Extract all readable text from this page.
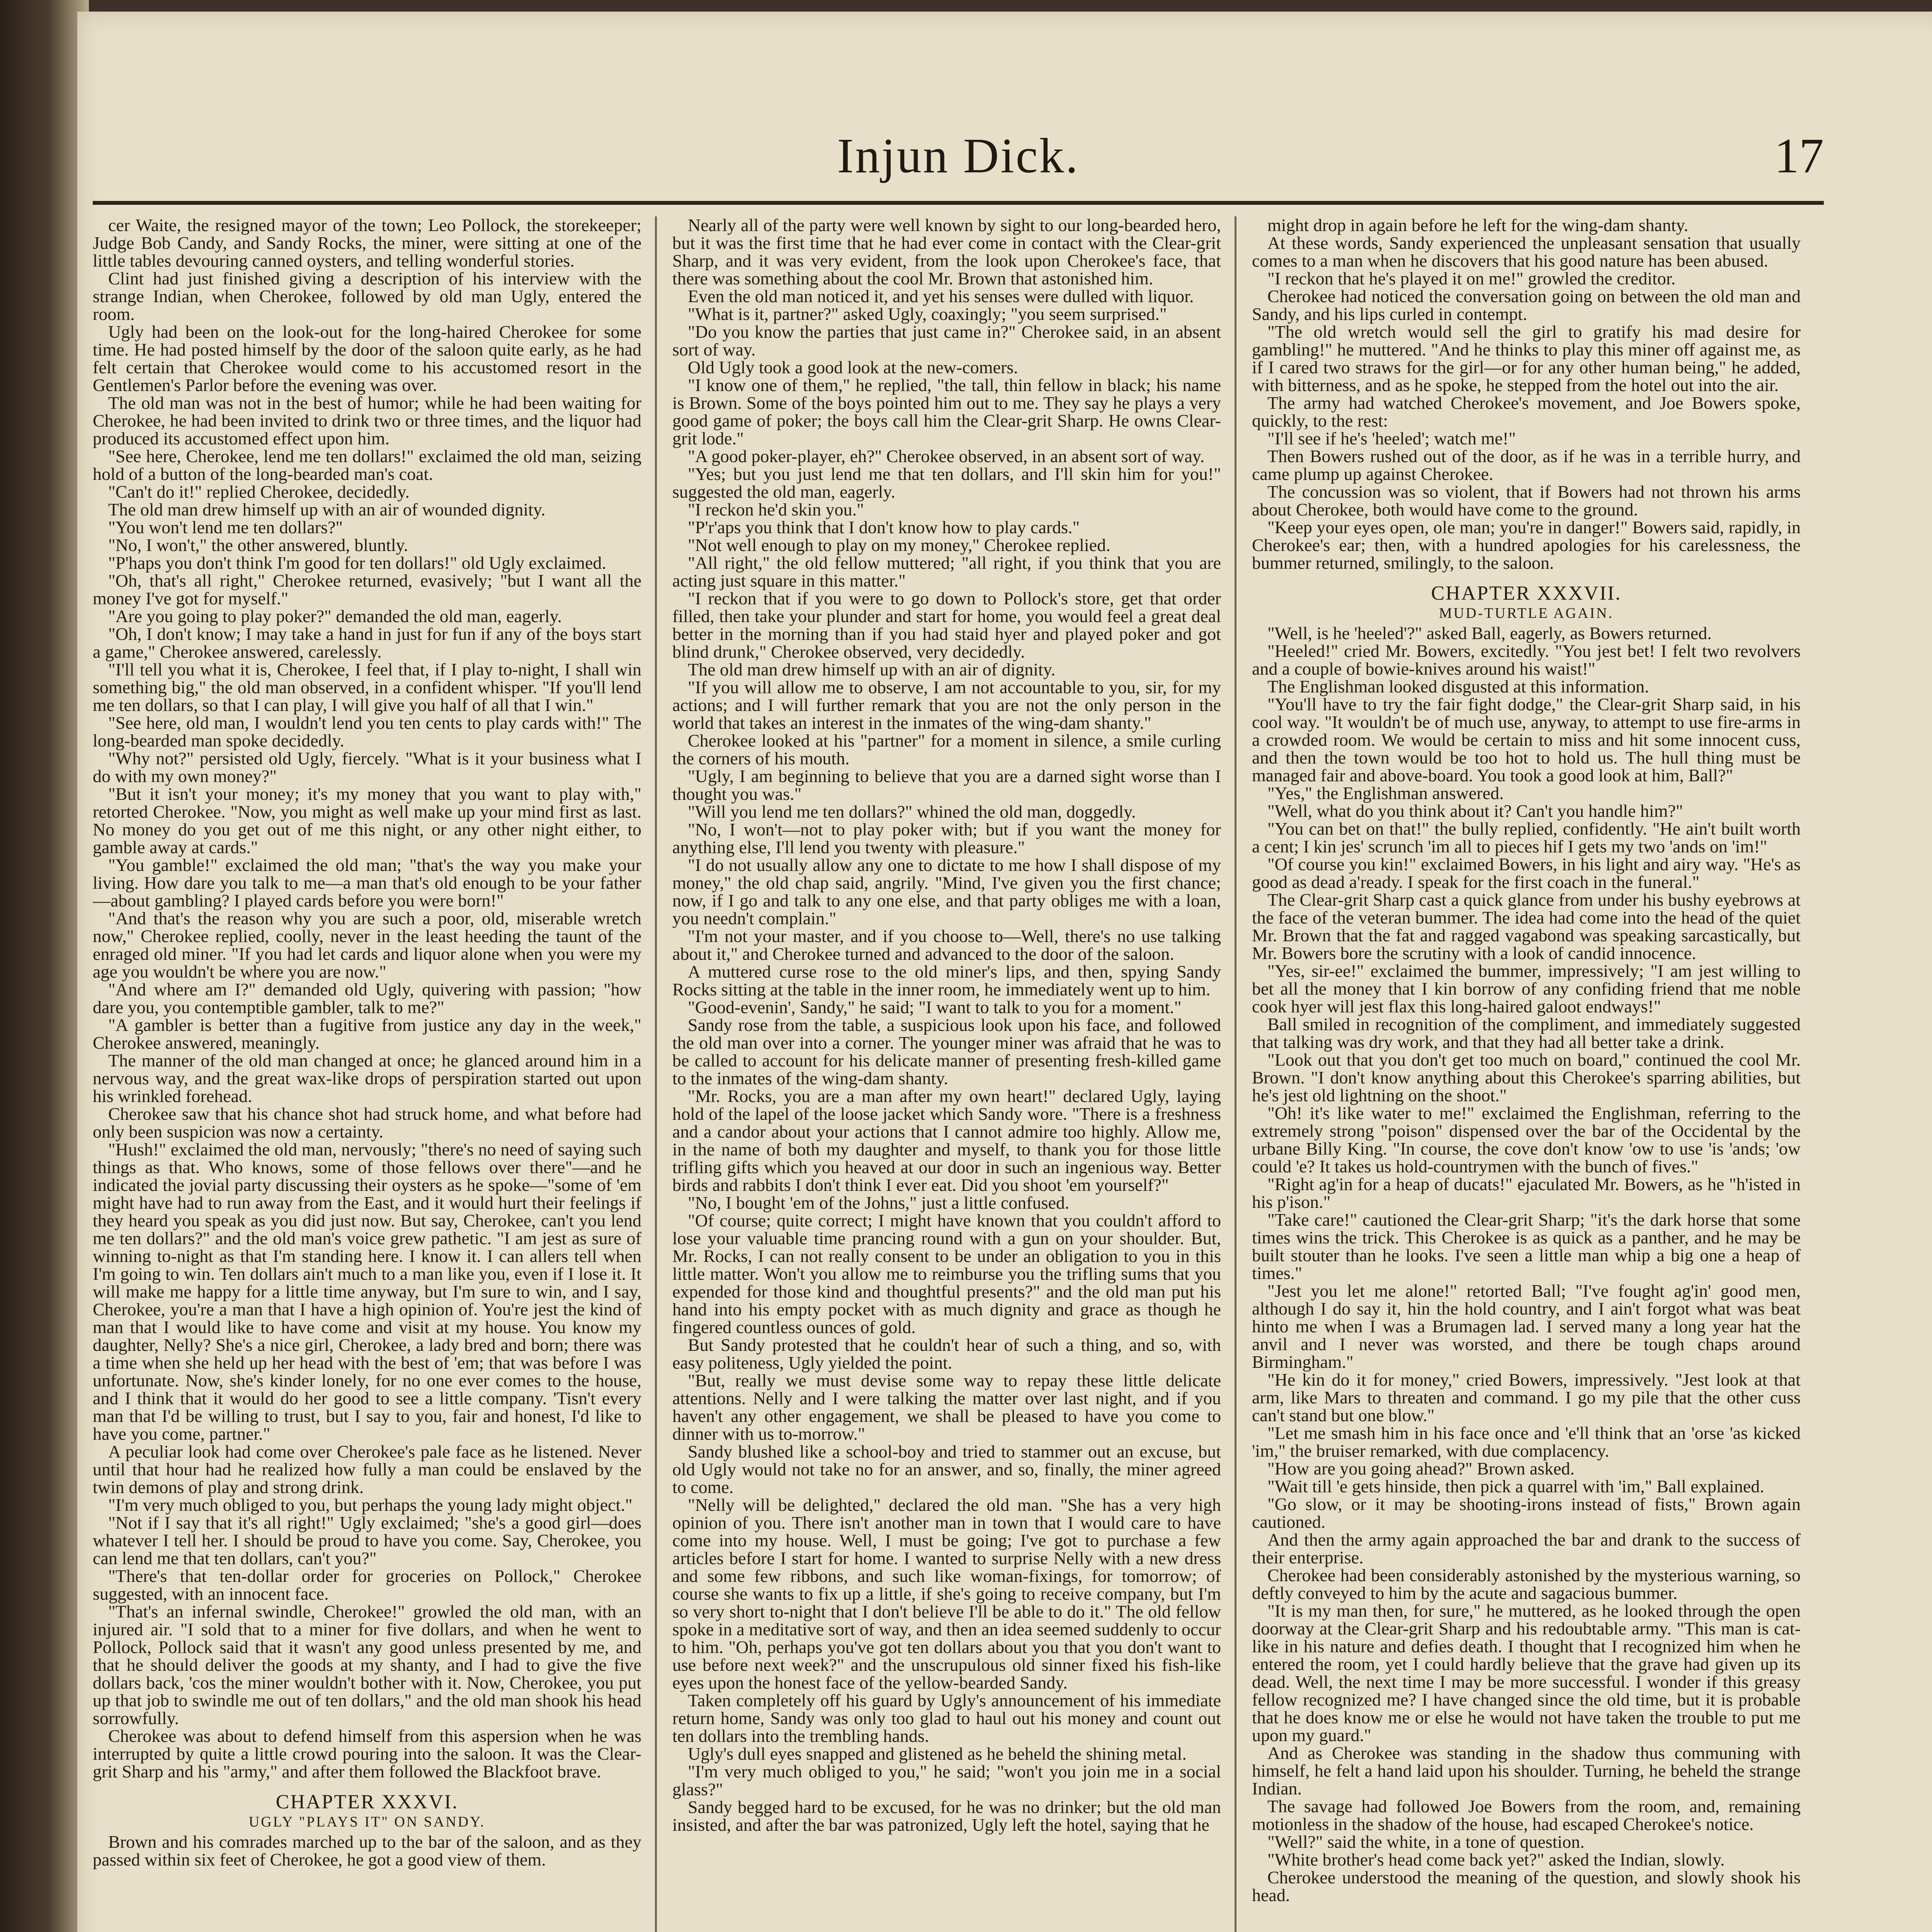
Injun Dick.	17

cer Waite, the resigned mayor of the town; Leo Pollock, the storekeeper; Judge Bob Candy, and Sandy Rocks, the miner, were sitting at one of the little tables devouring canned oysters, and telling wonderful stories.

Clint had just finished giving a description of his interview with the strange Indian, when Cherokee, followed by old man Ugly, entered the room.

Ugly had been on the look-out for the long-haired Cherokee for some time. He had posted himself by the door of the saloon quite early, as he had felt certain that Cherokee would come to his accustomed resort in the Gentlemen's Parlor before the evening was over.

The old man was not in the best of humor; while he had been waiting for Cherokee, he had been invited to drink two or three times, and the liquor had produced its accustomed effect upon him.

"See here, Cherokee, lend me ten dollars!" exclaimed the old man, seizing hold of a button of the long-bearded man's coat.

"Can't do it!" replied Cherokee, decidedly.

The old man drew himself up with an air of wounded dignity.

"You won't lend me ten dollars?"

"No, I won't," the other answered, bluntly.

"P'haps you don't think I'm good for ten dollars!" old Ugly exclaimed.

"Oh, that's all right," Cherokee returned, evasively; "but I want all the money I've got for myself."

"Are you going to play poker?" demanded the old man, eagerly.

"Oh, I don't know; I may take a hand in just for fun if any of the boys start a game," Cherokee answered, carelessly.

"I'll tell you what it is, Cherokee, I feel that, if I play to-night, I shall win something big," the old man observed, in a confident whisper. "If you'll lend me ten dollars, so that I can play, I will give you half of all that I win."

"See here, old man, I wouldn't lend you ten cents to play cards with!" The long-bearded man spoke decidedly.

"Why not?" persisted old Ugly, fiercely. "What is it your business what I do with my own money?"

"But it isn't your money; it's my money that you want to play with," retorted Cherokee. "Now, you might as well make up your mind first as last. No money do you get out of me this night, or any other night either, to gamble away at cards."

"You gamble!" exclaimed the old man; "that's the way you make your living. How dare you talk to me—a man that's old enough to be your father—about gambling? I played cards before you were born!"

"And that's the reason why you are such a poor, old, miserable wretch now," Cherokee replied, coolly, never in the least heeding the taunt of the enraged old miner. "If you had let cards and liquor alone when you were my age you wouldn't be where you are now."

"And where am I?" demanded old Ugly, quivering with passion; "how dare you, you contemptible gambler, talk to me?"

"A gambler is better than a fugitive from justice any day in the week," Cherokee answered, meaningly.

The manner of the old man changed at once; he glanced around him in a nervous way, and the great wax-like drops of perspiration started out upon his wrinkled forehead.

Cherokee saw that his chance shot had struck home, and what before had only been suspicion was now a certainty.

"Hush!" exclaimed the old man, nervously; "there's no need of saying such things as that. Who knows, some of those fellows over there"—and he indicated the jovial party discussing their oysters as he spoke—"some of 'em might have had to run away from the East, and it would hurt their feelings if they heard you speak as you did just now. But say, Cherokee, can't you lend me ten dollars?" and the old man's voice grew pathetic. "I am jest as sure of winning to-night as that I'm standing here. I know it. I can allers tell when I'm going to win. Ten dollars ain't much to a man like you, even if I lose it. It will make me happy for a little time anyway, but I'm sure to win, and I say, Cherokee, you're a man that I have a high opinion of. You're jest the kind of man that I would like to have come and visit at my house. You know my daughter, Nelly? She's a nice girl, Cherokee, a lady bred and born; there was a time when she held up her head with the best of 'em; that was before I was unfortunate. Now, she's kinder lonely, for no one ever comes to the house, and I think that it would do her good to see a little company. 'Tisn't every man that I'd be willing to trust, but I say to you, fair and honest, I'd like to have you come, partner."

A peculiar look had come over Cherokee's pale face as he listened. Never until that hour had he realized how fully a man could be enslaved by the twin demons of play and strong drink.

"I'm very much obliged to you, but perhaps the young lady might object."

"Not if I say that it's all right!" Ugly exclaimed; "she's a good girl—does whatever I tell her. I should be proud to have you come. Say, Cherokee, you can lend me that ten dollars, can't you?"

"There's that ten-dollar order for groceries on Pollock," Cherokee suggested, with an innocent face.

"That's an infernal swindle, Cherokee!" growled the old man, with an injured air. "I sold that to a miner for five dollars, and when he went to Pollock, Pollock said that it wasn't any good unless presented by me, and that he should deliver the goods at my shanty, and I had to give the five dollars back, 'cos the miner wouldn't bother with it. Now, Cherokee, you put up that job to swindle me out of ten dollars," and the old man shook his head sorrowfully.

Cherokee was about to defend himself from this aspersion when he was interrupted by quite a little crowd pouring into the saloon. It was the Clear-grit Sharp and his "army," and after them followed the Blackfoot brave.

CHAPTER XXXVI.
UGLY "PLAYS IT" ON SANDY.

Brown and his comrades marched up to the bar of the saloon, and as they passed within six feet of Cherokee, he got a good view of them.

Nearly all of the party were well known by sight to our long-bearded hero, but it was the first time that he had ever come in contact with the Clear-grit Sharp, and it was very evident, from the look upon Cherokee's face, that there was something about the cool Mr. Brown that astonished him.

Even the old man noticed it, and yet his senses were dulled with liquor.

"What is it, partner?" asked Ugly, coaxingly; "you seem surprised."

"Do you know the parties that just came in?" Cherokee said, in an absent sort of way.

Old Ugly took a good look at the new-comers.

"I know one of them," he replied, "the tall, thin fellow in black; his name is Brown. Some of the boys pointed him out to me. They say he plays a very good game of poker; the boys call him the Clear-grit Sharp. He owns Clear-grit lode."

"A good poker-player, eh?" Cherokee observed, in an absent sort of way.

"Yes; but you just lend me that ten dollars, and I'll skin him for you!" suggested the old man, eagerly.

"I reckon he'd skin you."

"P'r'aps you think that I don't know how to play cards."

"Not well enough to play on my money," Cherokee replied.

"All right," the old fellow muttered; "all right, if you think that you are acting just square in this matter."

"I reckon that if you were to go down to Pollock's store, get that order filled, then take your plunder and start for home, you would feel a great deal better in the morning than if you had staid hyer and played poker and got blind drunk," Cherokee observed, very decidedly.

The old man drew himself up with an air of dignity.

"If you will allow me to observe, I am not accountable to you, sir, for my actions; and I will further remark that you are not the only person in the world that takes an interest in the inmates of the wing-dam shanty."

Cherokee looked at his "partner" for a moment in silence, a smile curling the corners of his mouth.

"Ugly, I am beginning to believe that you are a darned sight worse than I thought you was."

"Will you lend me ten dollars?" whined the old man, doggedly.

"No, I won't—not to play poker with; but if you want the money for anything else, I'll lend you twenty with pleasure."

"I do not usually allow any one to dictate to me how I shall dispose of my money," the old chap said, angrily. "Mind, I've given you the first chance; now, if I go and talk to any one else, and that party obliges me with a loan, you needn't complain."

"I'm not your master, and if you choose to—Well, there's no use talking about it," and Cherokee turned and advanced to the door of the saloon.

A muttered curse rose to the old miner's lips, and then, spying Sandy Rocks sitting at the table in the inner room, he immediately went up to him.

"Good-evenin', Sandy," he said; "I want to talk to you for a moment."

Sandy rose from the table, a suspicious look upon his face, and followed the old man over into a corner. The younger miner was afraid that he was to be called to account for his delicate manner of presenting fresh-killed game to the inmates of the wing-dam shanty.

"Mr. Rocks, you are a man after my own heart!" declared Ugly, laying hold of the lapel of the loose jacket which Sandy wore. "There is a freshness and a candor about your actions that I cannot admire too highly. Allow me, in the name of both my daughter and myself, to thank you for those little trifling gifts which you heaved at our door in such an ingenious way. Better birds and rabbits I don't think I ever eat. Did you shoot 'em yourself?"

"No, I bought 'em of the Johns," just a little confused.

"Of course; quite correct; I might have known that you couldn't afford to lose your valuable time prancing round with a gun on your shoulder. But, Mr. Rocks, I can not really consent to be under an obligation to you in this little matter. Won't you allow me to reimburse you the trifling sums that you expended for those kind and thoughtful presents?" and the old man put his hand into his empty pocket with as much dignity and grace as though he fingered countless ounces of gold.

But Sandy protested that he couldn't hear of such a thing, and so, with easy politeness, Ugly yielded the point.

"But, really we must devise some way to repay these little delicate attentions. Nelly and I were talking the matter over last night, and if you haven't any other engagement, we shall be pleased to have you come to dinner with us to-morrow."

Sandy blushed like a school-boy and tried to stammer out an excuse, but old Ugly would not take no for an answer, and so, finally, the miner agreed to come.

"Nelly will be delighted," declared the old man. "She has a very high opinion of you. There isn't another man in town that I would care to have come into my house. Well, I must be going; I've got to purchase a few articles before I start for home. I wanted to surprise Nelly with a new dress and some few ribbons, and such like woman-fixings, for tomorrow; of course she wants to fix up a little, if she's going to receive company, but I'm so very short to-night that I don't believe I'll be able to do it." The old fellow spoke in a meditative sort of way, and then an idea seemed suddenly to occur to him. "Oh, perhaps you've got ten dollars about you that you don't want to use before next week?" and the unscrupulous old sinner fixed his fish-like eyes upon the honest face of the yellow-bearded Sandy.

Taken completely off his guard by Ugly's announcement of his immediate return home, Sandy was only too glad to haul out his money and count out ten dollars into the trembling hands.

Ugly's dull eyes snapped and glistened as he beheld the shining metal.

"I'm very much obliged to you," he said; "won't you join me in a social glass?"

Sandy begged hard to be excused, for he was no drinker; but the old man insisted, and after the bar was patronized, Ugly left the hotel, saying that he

might drop in again before he left for the wing-dam shanty.

At these words, Sandy experienced the unpleasant sensation that usually comes to a man when he discovers that his good nature has been abused.

"I reckon that he's played it on me!" growled the creditor.

Cherokee had noticed the conversation going on between the old man and Sandy, and his lips curled in contempt.

"The old wretch would sell the girl to gratify his mad desire for gambling!" he muttered. "And he thinks to play this miner off against me, as if I cared two straws for the girl—or for any other human being," he added, with bitterness, and as he spoke, he stepped from the hotel out into the air.

The army had watched Cherokee's movement, and Joe Bowers spoke, quickly, to the rest:

"I'll see if he's 'heeled'; watch me!"

Then Bowers rushed out of the door, as if he was in a terrible hurry, and came plump up against Cherokee.

The concussion was so violent, that if Bowers had not thrown his arms about Cherokee, both would have come to the ground.

"Keep your eyes open, ole man; you're in danger!" Bowers said, rapidly, in Cherokee's ear; then, with a hundred apologies for his carelessness, the bummer returned, smilingly, to the saloon.

CHAPTER XXXVII.
MUD-TURTLE AGAIN.

"Well, is he 'heeled'?" asked Ball, eagerly, as Bowers returned.

"Heeled!" cried Mr. Bowers, excitedly. "You jest bet! I felt two revolvers and a couple of bowie-knives around his waist!"

The Englishman looked disgusted at this information.

"You'll have to try the fair fight dodge," the Clear-grit Sharp said, in his cool way. "It wouldn't be of much use, anyway, to attempt to use fire-arms in a crowded room. We would be certain to miss and hit some innocent cuss, and then the town would be too hot to hold us. The hull thing must be managed fair and above-board. You took a good look at him, Ball?"

"Yes," the Englishman answered.

"Well, what do you think about it? Can't you handle him?"

"You can bet on that!" the bully replied, confidently. "He ain't built worth a cent; I kin jes' scrunch 'im all to pieces hif I gets my two 'ands on 'im!"

"Of course you kin!" exclaimed Bowers, in his light and airy way. "He's as good as dead a'ready. I speak for the first coach in the funeral."

The Clear-grit Sharp cast a quick glance from under his bushy eyebrows at the face of the veteran bummer. The idea had come into the head of the quiet Mr. Brown that the fat and ragged vagabond was speaking sarcastically, but Mr. Bowers bore the scrutiny with a look of candid innocence.

"Yes, sir-ee!" exclaimed the bummer, impressively; "I am jest willing to bet all the money that I kin borrow of any confiding friend that me noble cook hyer will jest flax this long-haired galoot endways!"

Ball smiled in recognition of the compliment, and immediately suggested that talking was dry work, and that they had all better take a drink.

"Look out that you don't get too much on board," continued the cool Mr. Brown. "I don't know anything about this Cherokee's sparring abilities, but he's jest old lightning on the shoot."

"Oh! it's like water to me!" exclaimed the Englishman, referring to the extremely strong "poison" dispensed over the bar of the Occidental by the urbane Billy King. "In course, the cove don't know 'ow to use 'is 'ands; 'ow could 'e? It takes us hold-countrymen with the bunch of fives."

"Right ag'in for a heap of ducats!" ejaculated Mr. Bowers, as he "h'isted in his p'ison."

"Take care!" cautioned the Clear-grit Sharp; "it's the dark horse that some times wins the trick. This Cherokee is as quick as a panther, and he may be built stouter than he looks. I've seen a little man whip a big one a heap of times."

"Jest you let me alone!" retorted Ball; "I've fought ag'in' good men, although I do say it, hin the hold country, and I ain't forgot what was beat hinto me when I was a Brumagen lad. I served many a long year hat the anvil and I never was worsted, and there be tough chaps around Birmingham."

"He kin do it for money," cried Bowers, impressively. "Jest look at that arm, like Mars to threaten and command. I go my pile that the other cuss can't stand but one blow."

"Let me smash him in his face once and 'e'll think that an 'orse 'as kicked 'im," the bruiser remarked, with due complacency.

"How are you going ahead?" Brown asked.

"Wait till 'e gets hinside, then pick a quarrel with 'im," Ball explained.

"Go slow, or it may be shooting-irons instead of fists," Brown again cautioned.

And then the army again approached the bar and drank to the success of their enterprise.

Cherokee had been considerably astonished by the mysterious warning, so deftly conveyed to him by the acute and sagacious bummer.

"It is my man then, for sure," he muttered, as he looked through the open doorway at the Clear-grit Sharp and his redoubtable army. "This man is cat-like in his nature and defies death. I thought that I recognized him when he entered the room, yet I could hardly believe that the grave had given up its dead. Well, the next time I may be more successful. I wonder if this greasy fellow recognized me? I have changed since the old time, but it is probable that he does know me or else he would not have taken the trouble to put me upon my guard."

And as Cherokee was standing in the shadow thus communing with himself, he felt a hand laid upon his shoulder. Turning, he beheld the strange Indian.

The savage had followed Joe Bowers from the room, and, remaining motionless in the shadow of the house, had escaped Cherokee's notice.

"Well?" said the white, in a tone of question.

"White brother's head come back yet?" asked the Indian, slowly.

Cherokee understood the meaning of the question, and slowly shook his head.
